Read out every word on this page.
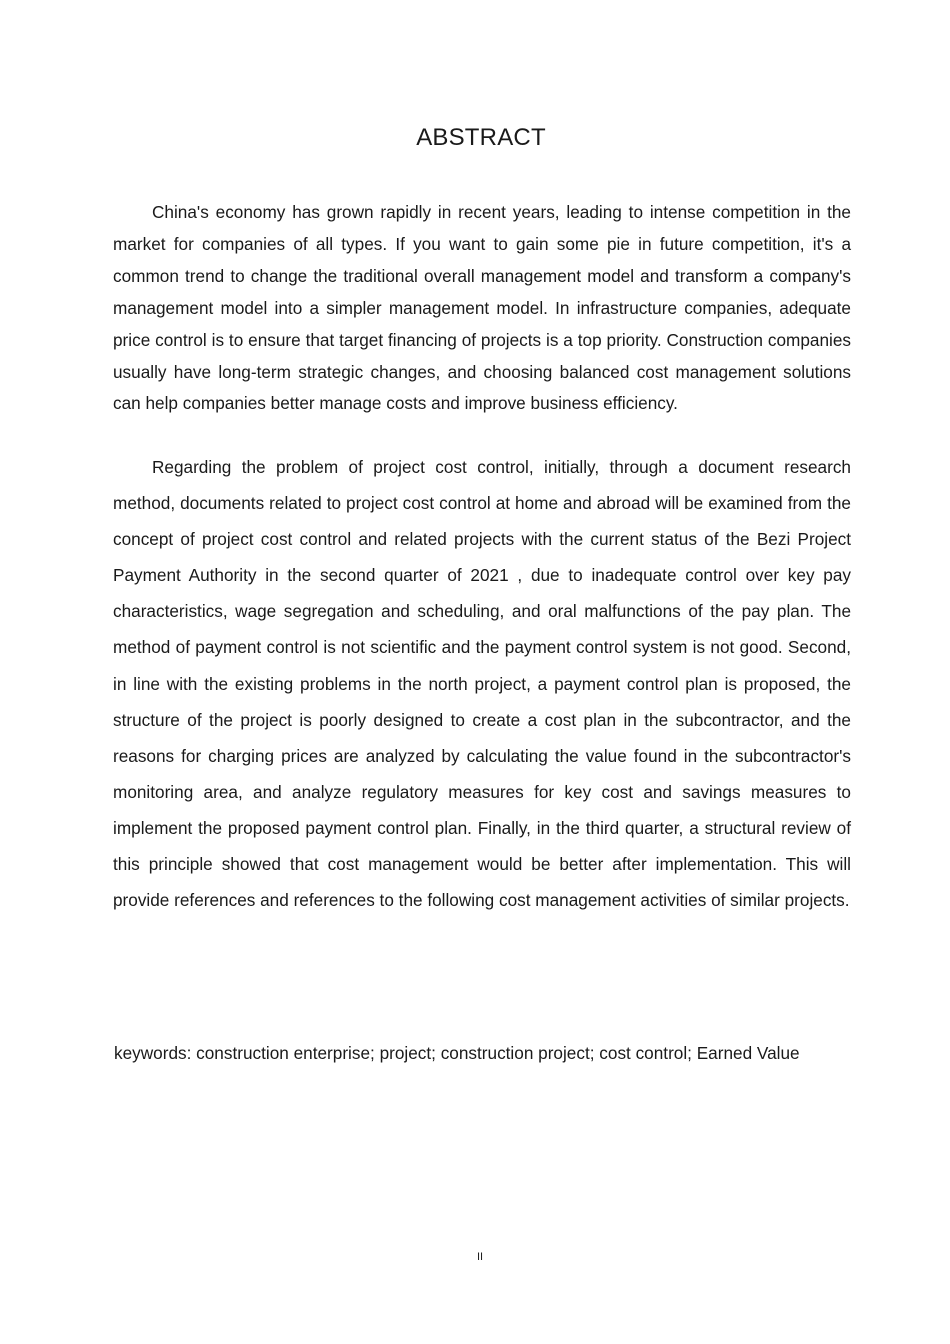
ABSTRACT

China's economy has grown rapidly in recent years, leading to intense competition in the market for companies of all types. If you want to gain some pie in future competition, it's a common trend to change the traditional overall management model and transform a company's management model into a simpler management model. In infrastructure companies, adequate price control is to ensure that target financing of projects is a top priority. Construction companies usually have long-term strategic changes, and choosing balanced cost management solutions can help companies better manage costs and improve business efficiency.

Regarding the problem of project cost control, initially, through a document research method, documents related to project cost control at home and abroad will be examined from the concept of project cost control and related projects with the current status of the Bezi Project Payment Authority in the second quarter of 2021 , due to inadequate control over key pay characteristics, wage segregation and scheduling, and oral malfunctions of the pay plan. The method of payment control is not scientific and the payment control system is not good. Second, in line with the existing problems in the north project, a payment control plan is proposed, the structure of the project is poorly designed to create a cost plan in the subcontractor, and the reasons for charging prices are analyzed by calculating the value found in the subcontractor's monitoring area, and analyze regulatory measures for key cost and savings measures to implement the proposed payment control plan. Finally, in the third quarter, a structural review of this principle showed that cost management would be better after implementation. This will provide references and references to the following cost management activities of similar projects.

keywords: construction enterprise; project; construction project; cost control; Earned Value

II
